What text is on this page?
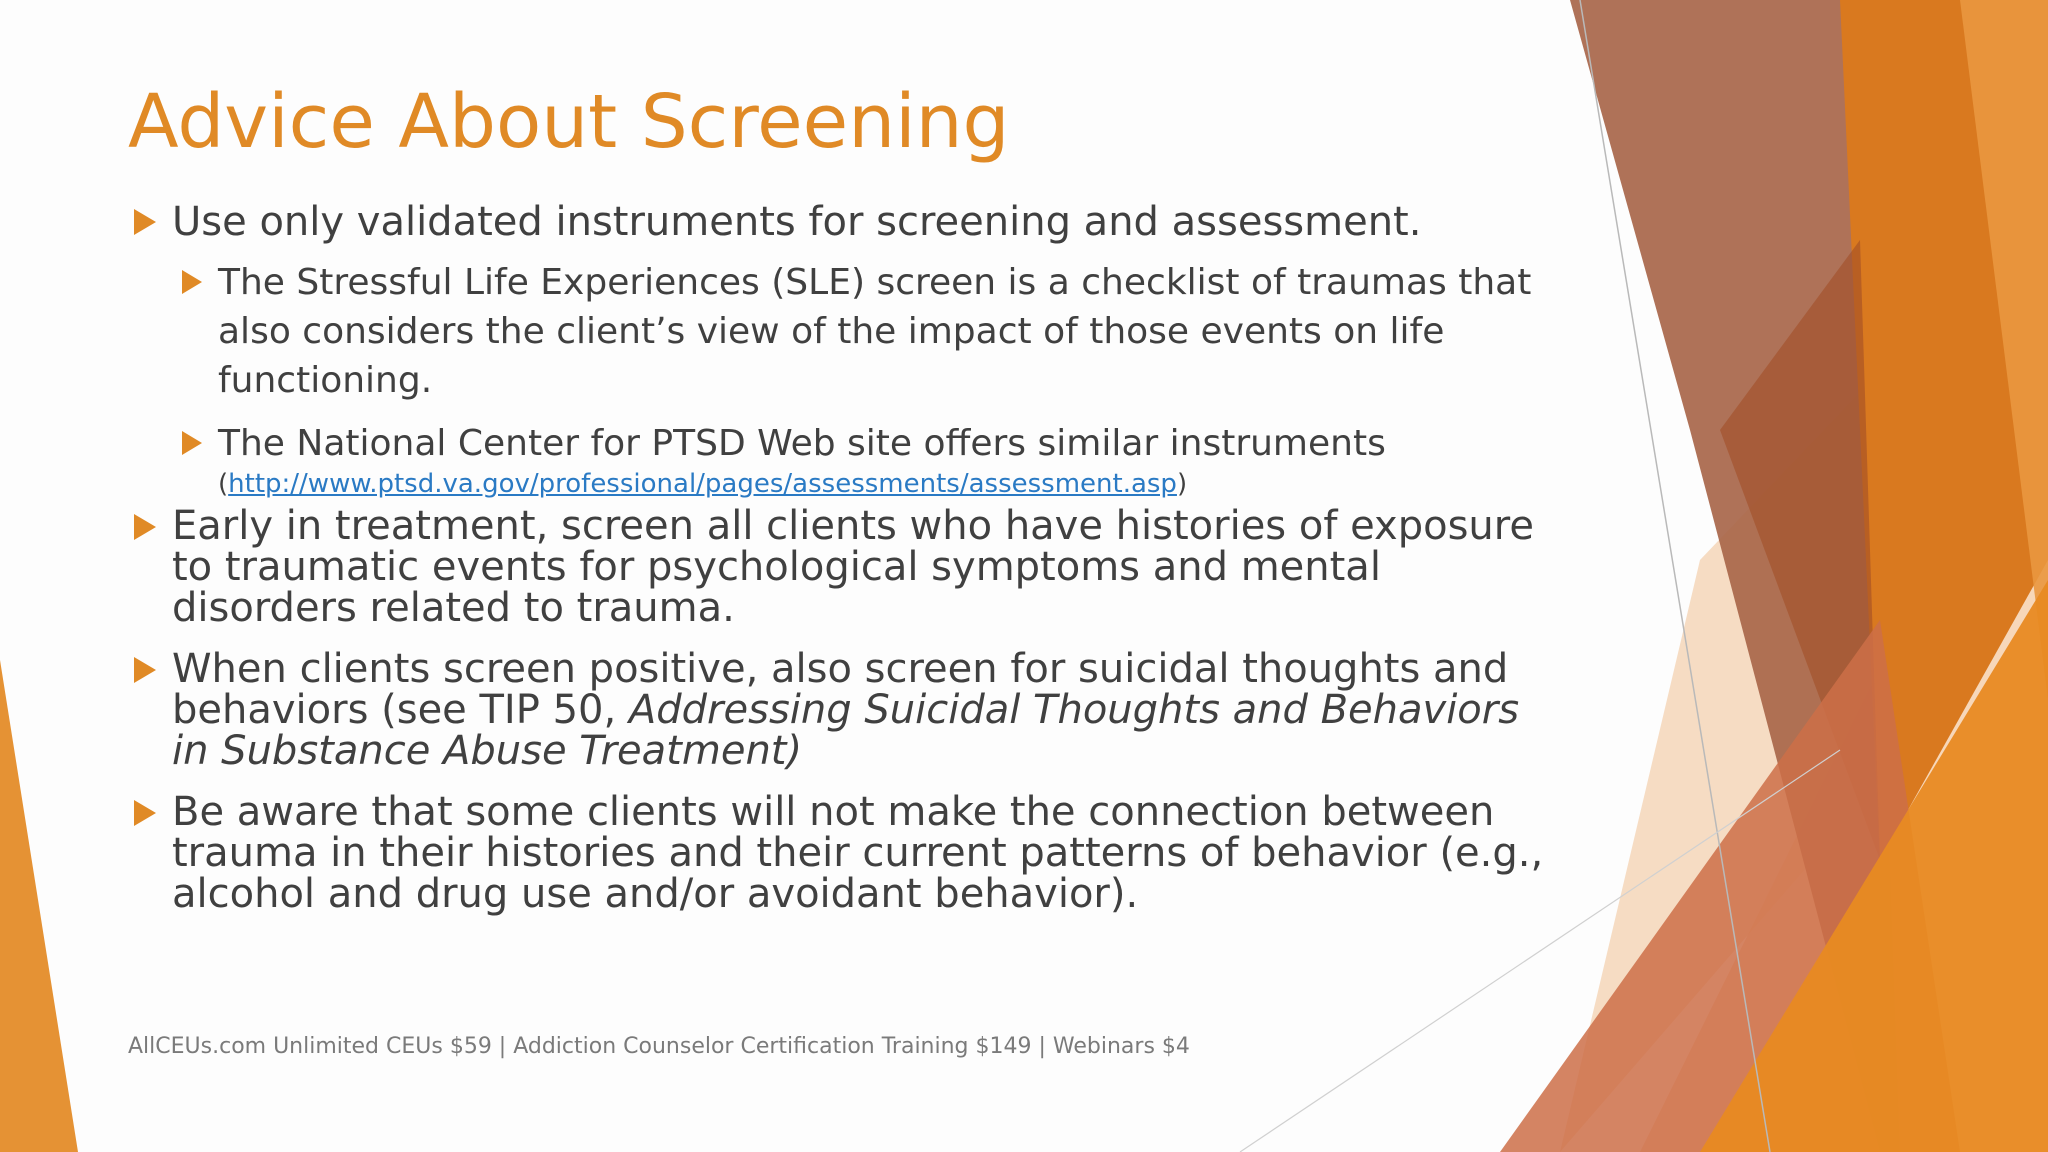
Advice About Screening
Use only validated instruments for screening and assessment.
The Stressful Life Experiences (SLE) screen is a checklist of traumas that also considers the client’s view of the impact of those events on life functioning.
The National Center for PTSD Web site offers similar instruments
(http://www.ptsd.va.gov/professional/pages/assessments/assessment.asp)
Early in treatment, screen all clients who have histories of exposure to traumatic events for psychological symptoms and mental disorders related to trauma.
When clients screen positive, also screen for suicidal thoughts and behaviors (see TIP 50, Addressing Suicidal Thoughts and Behaviors in Substance Abuse Treatment)
Be aware that some clients will not make the connection between trauma in their histories and their current patterns of behavior (e.g., alcohol and drug use and/or avoidant behavior).
AllCEUs.com Unlimited CEUs $59 | Addiction Counselor Certification Training $149 | Webinars $4
